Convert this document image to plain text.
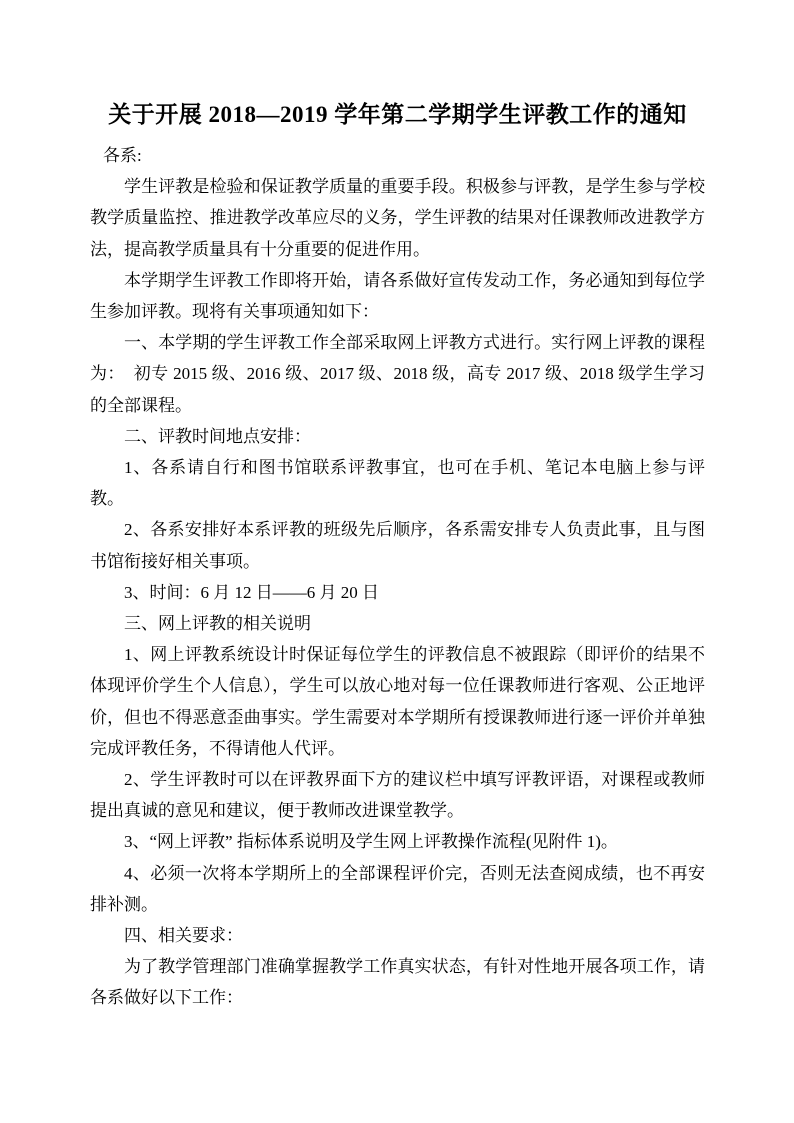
关于开展 2018—2019 学年第二学期学生评教工作的通知

各系:

学生评教是检验和保证教学质量的重要手段。积极参与评教，是学生参与学校教学质量监控、推进教学改革应尽的义务，学生评教的结果对任课教师改进教学方法，提高教学质量具有十分重要的促进作用。

本学期学生评教工作即将开始，请各系做好宣传发动工作，务必通知到每位学生参加评教。现将有关事项通知如下：

一、本学期的学生评教工作全部采取网上评教方式进行。实行网上评教的课程为：　初专 2015 级、2016 级、2017 级、2018 级，高专 2017 级、2018 级学生学习的全部课程。

二、评教时间地点安排：

1、各系请自行和图书馆联系评教事宜，也可在手机、笔记本电脑上参与评教。

2、各系安排好本系评教的班级先后顺序，各系需安排专人负责此事，且与图书馆衔接好相关事项。

3、时间：6 月 12 日——6 月 20 日

三、网上评教的相关说明

1、网上评教系统设计时保证每位学生的评教信息不被跟踪（即评价的结果不体现评价学生个人信息），学生可以放心地对每一位任课教师进行客观、公正地评价，但也不得恶意歪曲事实。学生需要对本学期所有授课教师进行逐一评价并单独完成评教任务，不得请他人代评。

2、学生评教时可以在评教界面下方的建议栏中填写评教评语，对课程或教师提出真诚的意见和建议，便于教师改进课堂教学。

3、“网上评教” 指标体系说明及学生网上评教操作流程(见附件 1)。

4、必须一次将本学期所上的全部课程评价完，否则无法查阅成绩，也不再安排补测。

四、相关要求：

为了教学管理部门准确掌握教学工作真实状态，有针对性地开展各项工作，请各系做好以下工作：
